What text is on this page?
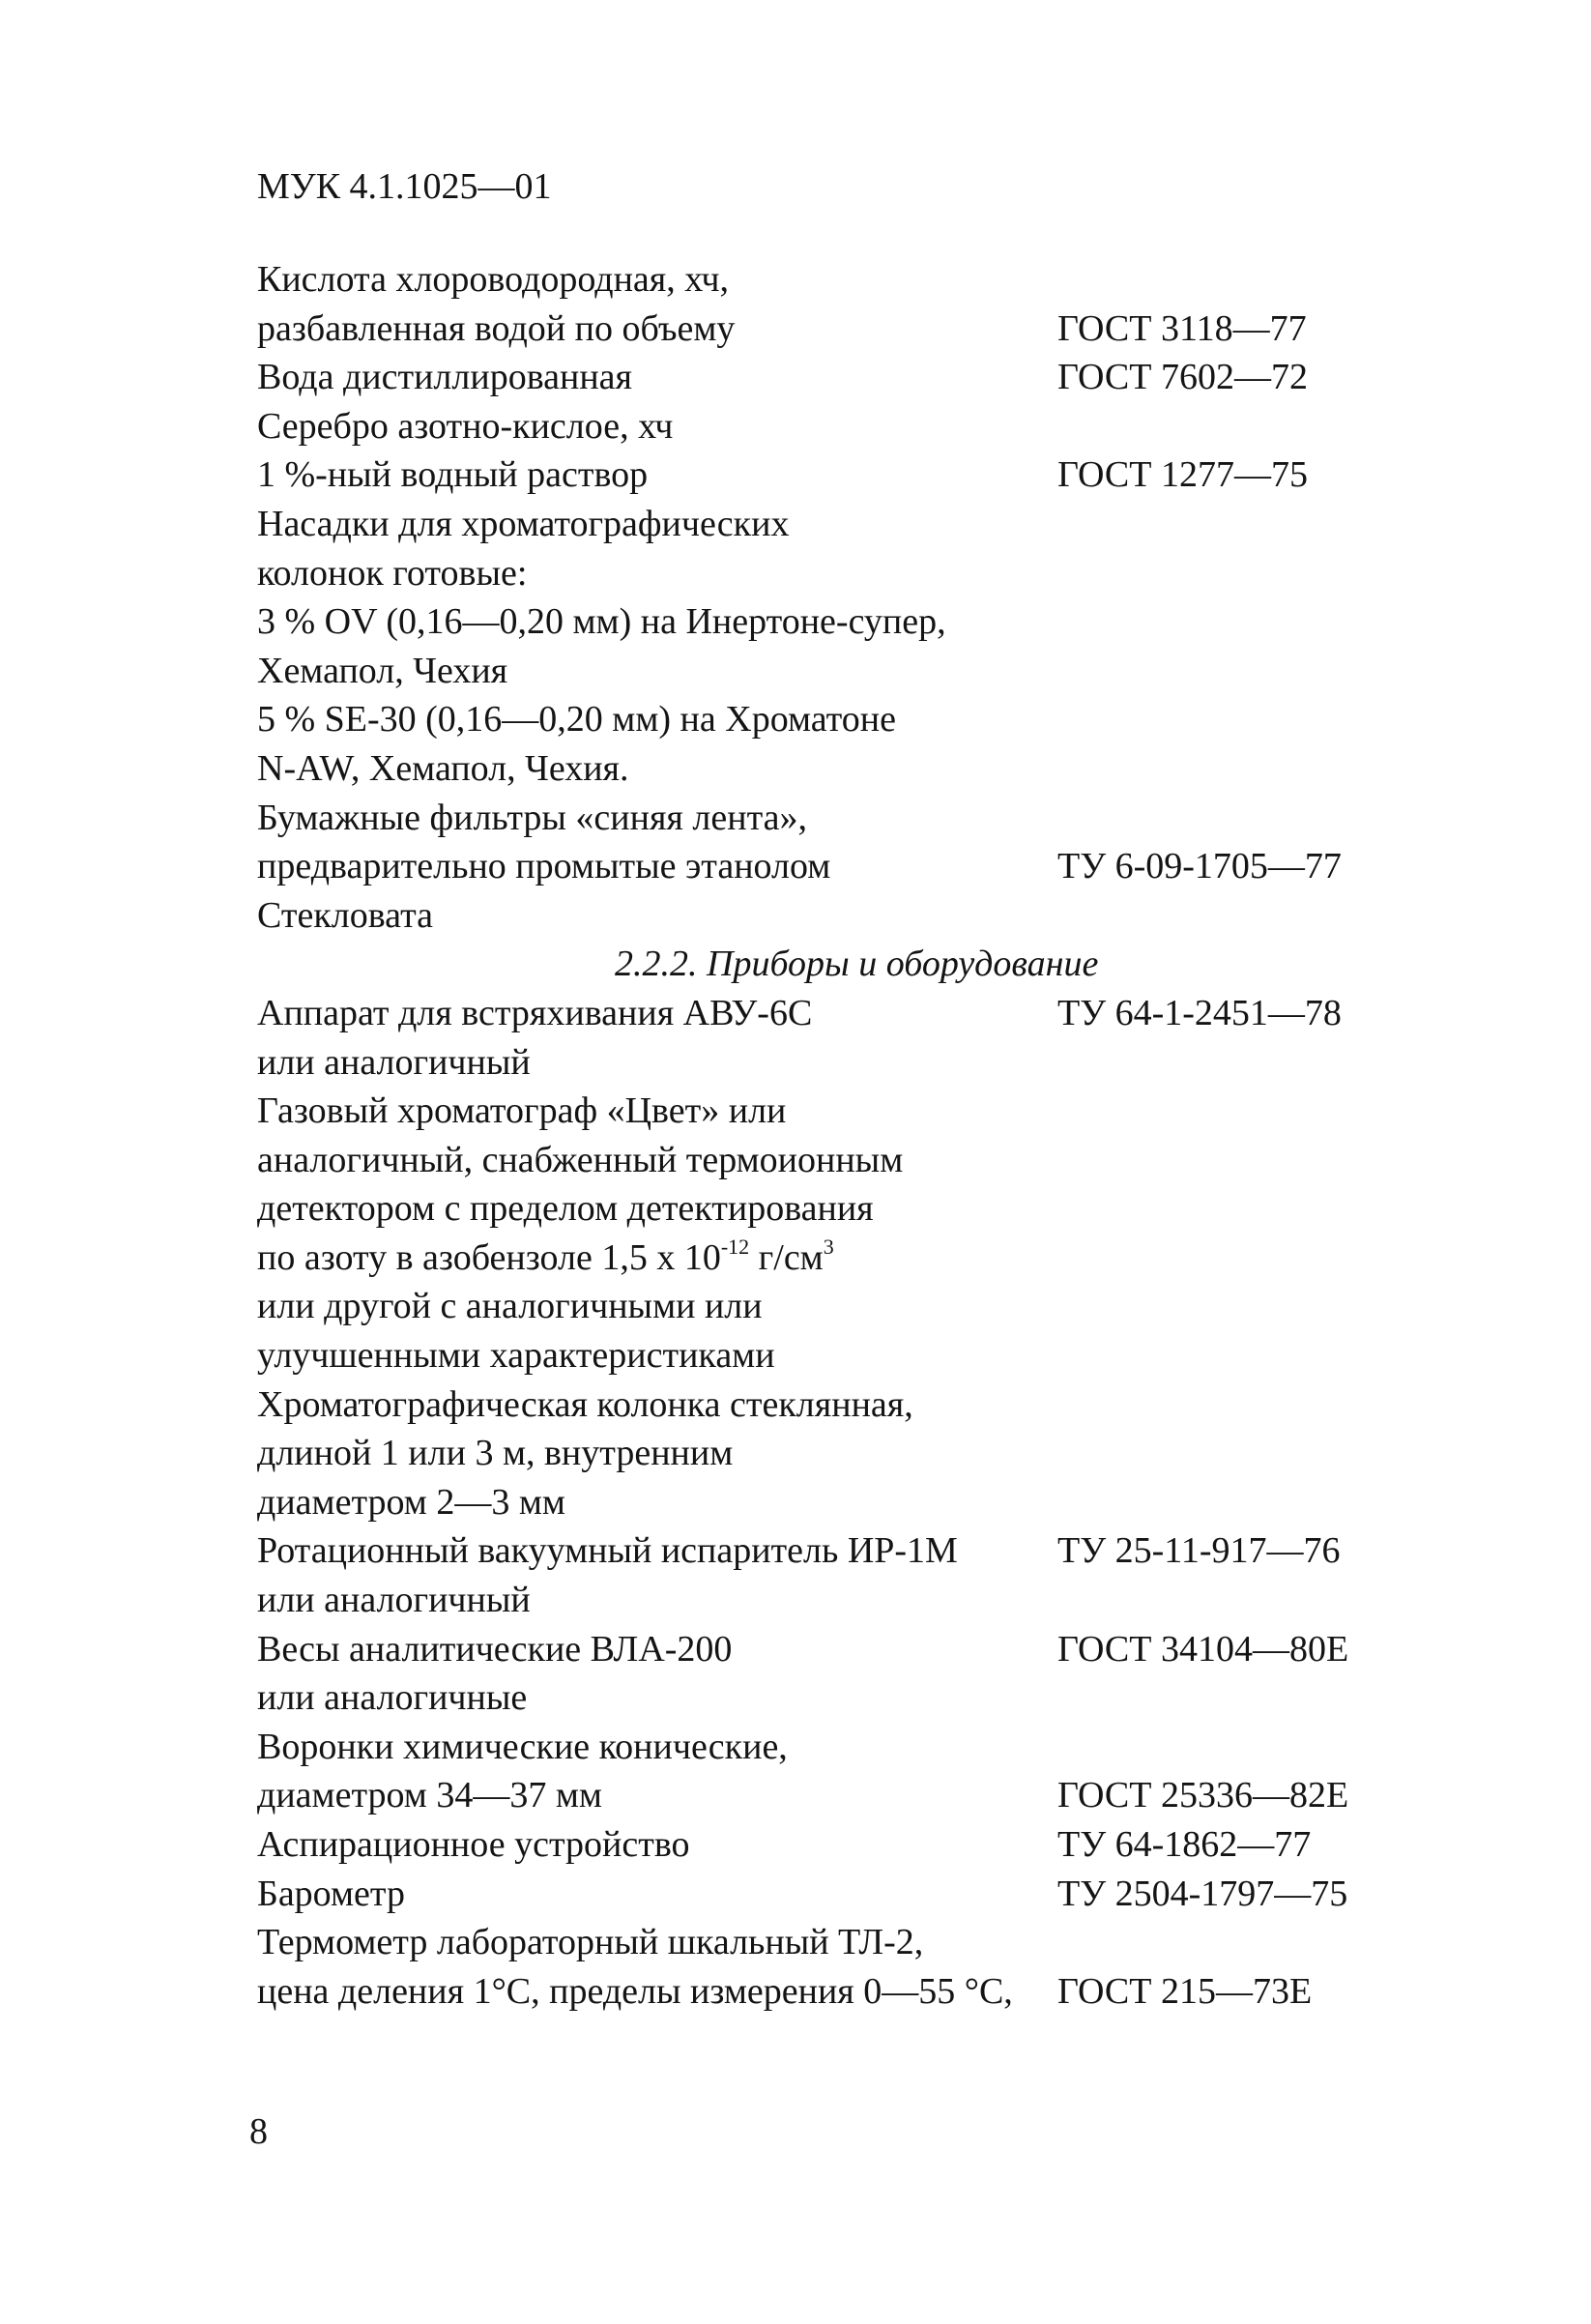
МУК 4.1.1025—01
Кислота хлороводородная, хч,
разбавленная водой по объему	ГОСТ 3118—77
Вода дистиллированная	ГОСТ 7602—72
Серебро азотно-кислое, хч
1 %-ный водный раствор	ГОСТ 1277—75
Насадки для хроматографических
колонок готовые:
3 % OV (0,16—0,20 мм) на Инертоне-супер,
Хемапол, Чехия
5 % SE-30 (0,16—0,20 мм) на Хроматоне
N-AW, Хемапол, Чехия.
Бумажные фильтры «синяя лента»,
предварительно промытые этанолом	ТУ 6-09-1705—77
Стекловата
2.2.2. Приборы и оборудование
Аппарат для встряхивания АВУ-6С	ТУ 64-1-2451—78
или аналогичный
Газовый хроматограф «Цвет» или
аналогичный, снабженный термоионным
детектором с пределом детектирования
по азоту в азобензоле 1,5 х $10^{-12}$ $г/см^3$
или другой с аналогичными или
улучшенными характеристиками
Хроматографическая колонка стеклянная,
длиной 1 или 3 м, внутренним
диаметром 2—3 мм
Ротационный вакуумный испаритель ИР-1М	ТУ 25-11-917—76
или аналогичный
Весы аналитические ВЛА-200	ГОСТ 34104—80Е
или аналогичные
Воронки химические конические,
диаметром 34—37 мм	ГОСТ 25336—82Е
Аспирационное устройство	ТУ 64-1862—77
Барометр	ТУ 2504-1797—75
Термометр лабораторный шкальный ТЛ-2,
цена деления 1°С, пределы измерения 0—55 °С, ГОСТ 215—73Е
8
